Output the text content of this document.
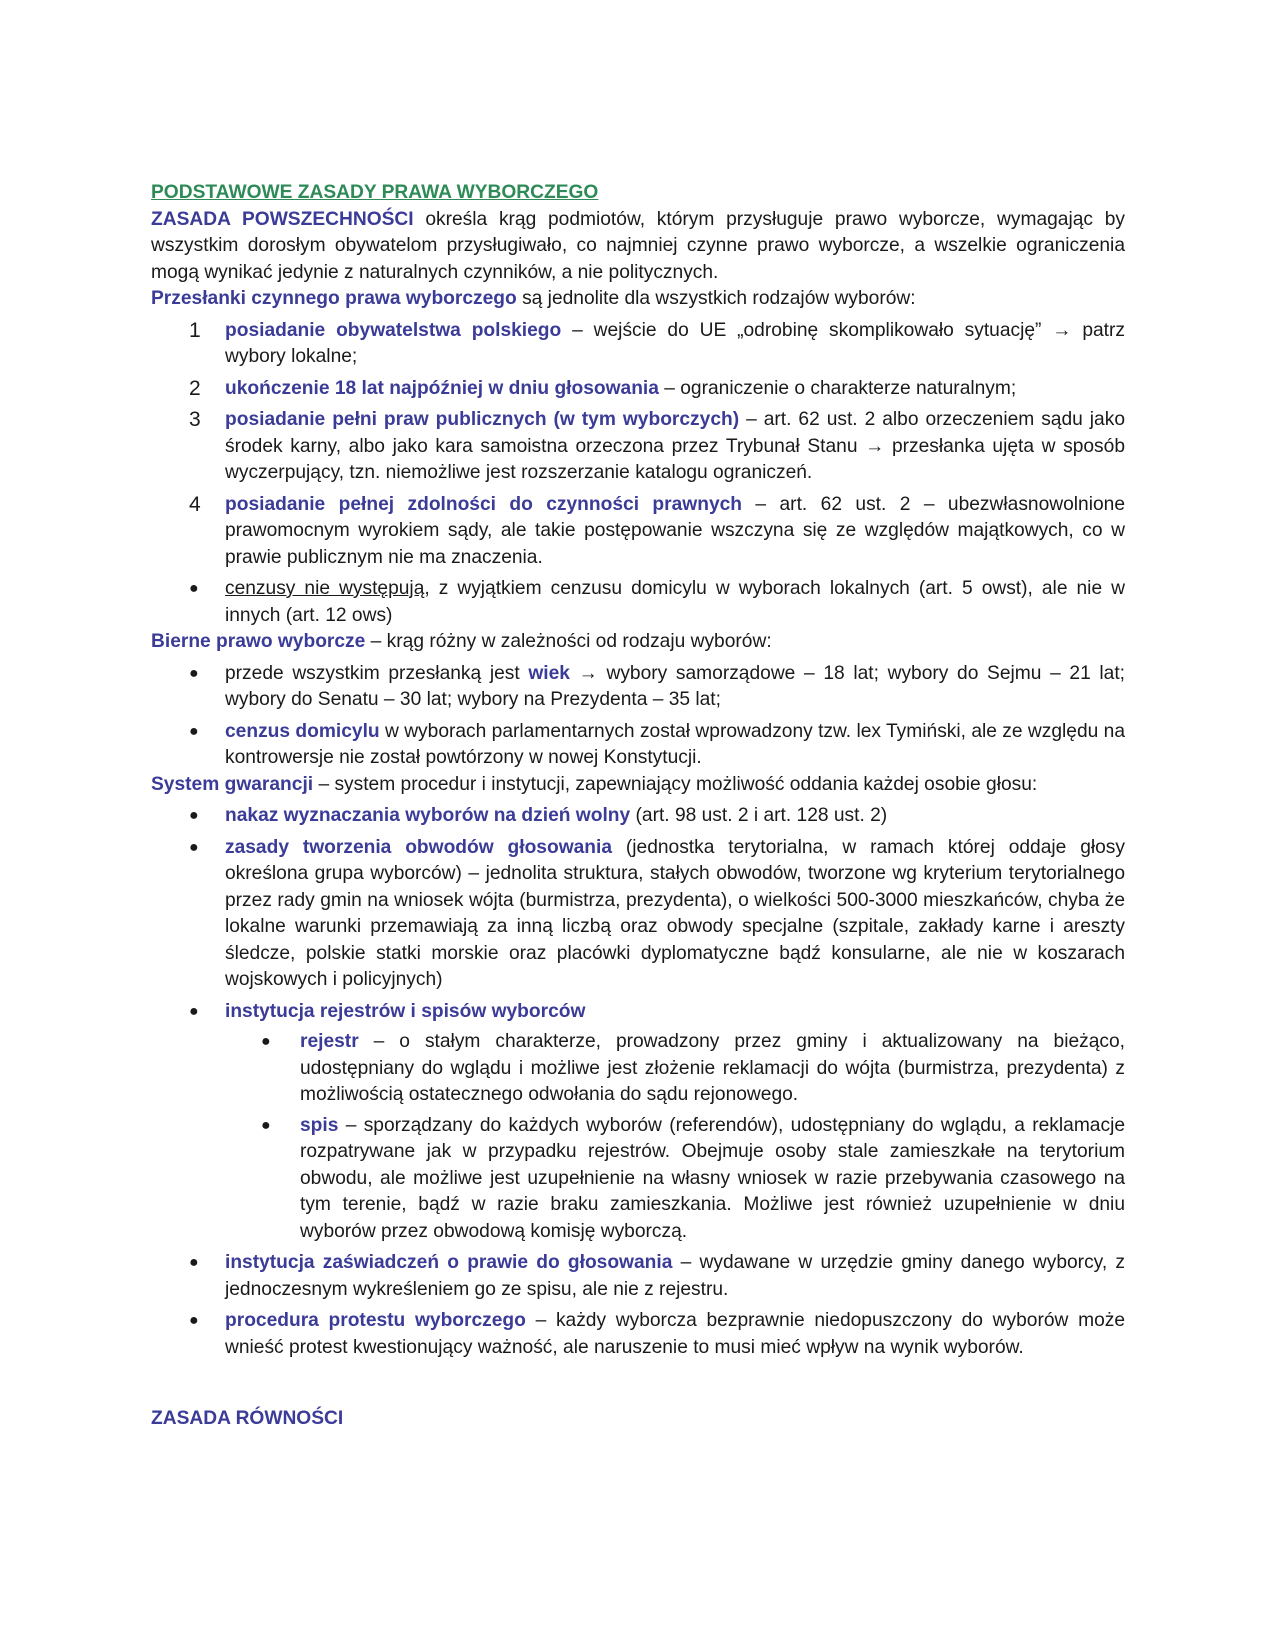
PODSTAWOWE ZASADY PRAWA WYBORCZEGO

ZASADA POWSZECHNOŚCI określa krąg podmiotów, którym przysługuje prawo wyborcze, wymagając by wszystkim dorosłym obywatelom przysługiwało, co najmniej czynne prawo wyborcze, a wszelkie ograniczenia mogą wynikać jedynie z naturalnych czynników, a nie politycznych.

Przesłanki czynnego prawa wyborczego są jednolite dla wszystkich rodzajów wyborów:

1	posiadanie obywatelstwa polskiego – wejście do UE „odrobinę skomplikowało sytuację” → patrz wybory lokalne;
2	ukończenie 18 lat najpóźniej w dniu głosowania – ograniczenie o charakterze naturalnym;
3	posiadanie pełni praw publicznych (w tym wyborczych) – art. 62 ust. 2 albo orzeczeniem sądu jako środek karny, albo jako kara samoistna orzeczona przez Trybunał Stanu → przesłanka ujęta w sposób wyczerpujący, tzn. niemożliwe jest rozszerzanie katalogu ograniczeń.
4	posiadanie pełnej zdolności do czynności prawnych – art. 62 ust. 2 – ubezwłasnowolnione prawomocnym wyrokiem sądy, ale takie postępowanie wszczyna się ze względów majątkowych, co w prawie publicznym nie ma znaczenia.
●	cenzusy nie występują, z wyjątkiem cenzusu domicylu w wyborach lokalnych (art. 5 owst), ale nie w innych (art. 12 ows)

Bierne prawo wyborcze – krąg różny w zależności od rodzaju wyborów:

●	przede wszystkim przesłanką jest wiek → wybory samorządowe – 18 lat; wybory do Sejmu – 21 lat; wybory do Senatu – 30 lat; wybory na Prezydenta – 35 lat;
●	cenzus domicylu w wyborach parlamentarnych został wprowadzony tzw. lex Tymiński, ale ze względu na kontrowersje nie został powtórzony w nowej Konstytucji.

System gwarancji – system procedur i instytucji, zapewniający możliwość oddania każdej osobie głosu:

●	nakaz wyznaczania wyborów na dzień wolny (art. 98 ust. 2 i art. 128 ust. 2)
●	zasady tworzenia obwodów głosowania (jednostka terytorialna, w ramach której oddaje głosy określona grupa wyborców) – jednolita struktura, stałych obwodów, tworzone wg kryterium terytorialnego przez rady gmin na wniosek wójta (burmistrza, prezydenta), o wielkości 500-3000 mieszkańców, chyba że lokalne warunki przemawiają za inną liczbą oraz obwody specjalne (szpitale, zakłady karne i areszty śledcze, polskie statki morskie oraz placówki dyplomatyczne bądź konsularne, ale nie w koszarach wojskowych i policyjnych)
●	instytucja rejestrów i spisów wyborców
●	rejestr – o stałym charakterze, prowadzony przez gminy i aktualizowany na bieżąco, udostępniany do wglądu i możliwe jest złożenie reklamacji do wójta (burmistrza, prezydenta) z możliwością ostatecznego odwołania do sądu rejonowego.
●	spis – sporządzany do każdych wyborów (referendów), udostępniany do wglądu, a reklamacje rozpatrywane jak w przypadku rejestrów. Obejmuje osoby stale zamieszkałe na terytorium obwodu, ale możliwe jest uzupełnienie na własny wniosek w razie przebywania czasowego na tym terenie, bądź w razie braku zamieszkania. Możliwe jest również uzupełnienie w dniu wyborów przez obwodową komisję wyborczą.
●	instytucja zaświadczeń o prawie do głosowania – wydawane w urzędzie gminy danego wyborcy, z jednoczesnym wykreśleniem go ze spisu, ale nie z rejestru.
●	procedura protestu wyborczego – każdy wyborcza bezprawnie niedopuszczony do wyborów może wnieść protest kwestionujący ważność, ale naruszenie to musi mieć wpływ na wynik wyborów.

ZASADA RÓWNOŚCI
